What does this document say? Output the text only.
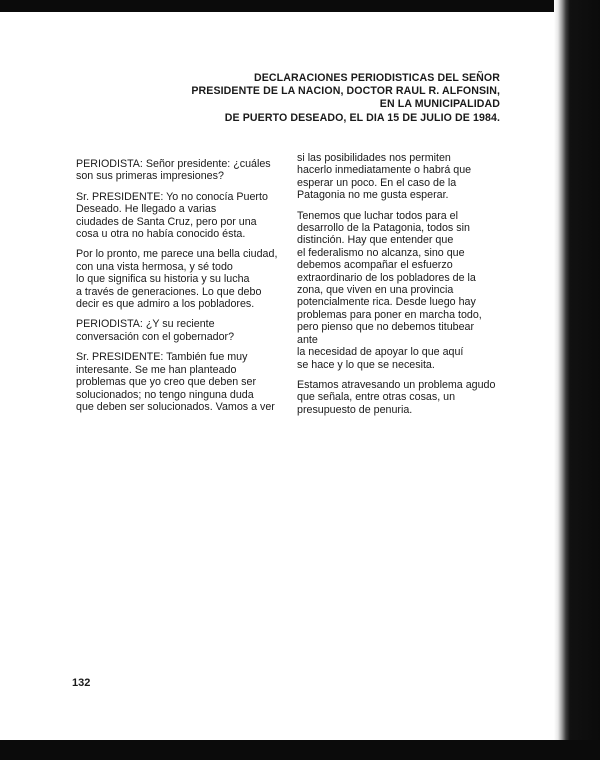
DECLARACIONES PERIODISTICAS DEL SEÑOR
PRESIDENTE DE LA NACION, DOCTOR RAUL R. ALFONSIN,
EN LA MUNICIPALIDAD
DE PUERTO DESEADO, EL DIA 15 DE JULIO DE 1984.

PERIODISTA: Señor presidente: ¿cuáles
son sus primeras impresiones?

Sr. PRESIDENTE: Yo no conocía Puerto
Deseado. He llegado a varias
ciudades de Santa Cruz, pero por una
cosa u otra no había conocido ésta.

Por lo pronto, me parece una bella ciudad,
con una vista hermosa, y sé todo
lo que significa su historia y su lucha
a través de generaciones. Lo que debo
decir es que admiro a los pobladores.

PERIODISTA: ¿Y su reciente
conversación con el gobernador?

Sr. PRESIDENTE: También fue muy
interesante. Se me han planteado
problemas que yo creo que deben ser
solucionados; no tengo ninguna duda
que deben ser solucionados. Vamos a ver

si las posibilidades nos permiten
hacerlo inmediatamente o habrá que
esperar un poco. En el caso de la
Patagonia no me gusta esperar.

Tenemos que luchar todos para el
desarrollo de la Patagonia, todos sin
distinción. Hay que entender que
el federalismo no alcanza, sino que
debemos acompañar el esfuerzo
extraordinario de los pobladores de la
zona, que viven en una provincia
potencialmente rica. Desde luego hay
problemas para poner en marcha todo,
pero pienso que no debemos titubear ante
la necesidad de apoyar lo que aquí
se hace y lo que se necesita.

Estamos atravesando un problema agudo
que señala, entre otras cosas, un
presupuesto de penuria.

132
